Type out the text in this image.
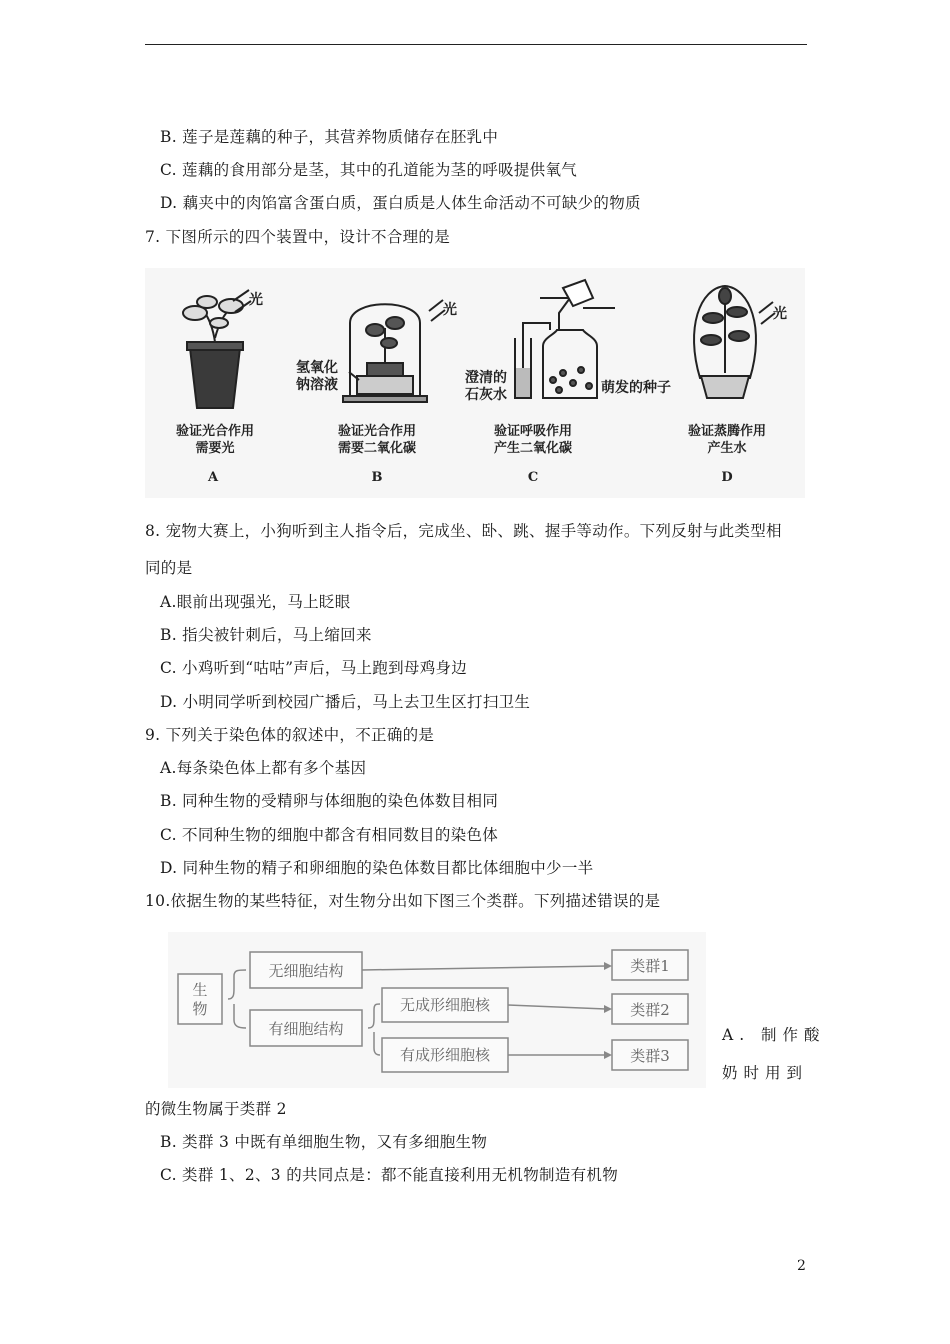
B. 莲子是莲藕的种子，其营养物质储存在胚乳中
C. 莲藕的食用部分是茎，其中的孔道能为茎的呼吸提供氧气
D. 藕夹中的肉馅富含蛋白质，蛋白质是人体生命活动不可缺少的物质
7. 下图所示的四个装置中，设计不合理的是
光
验证光合作用
需要光
A
光
氢氧化
钠溶液
验证光合作用
需要二氧化碳
B
澄清的
石灰水	萌发的种子
验证呼吸作用
产生二氧化碳
C
光
验证蒸腾作用
产生水
D
8. 宠物大赛上，小狗听到主人指令后，完成坐、卧、跳、握手等动作。下列反射与此类型相
同的是
A.眼前出现强光，马上眨眼
B. 指尖被针刺后，马上缩回来
C. 小鸡听到“咕咕”声后，马上跑到母鸡身边
D. 小明同学听到校园广播后，马上去卫生区打扫卫生
9. 下列关于染色体的叙述中，不正确的是
A.每条染色体上都有多个基因
B. 同种生物的受精卵与体细胞的染色体数目相同
C. 不同种生物的细胞中都含有相同数目的染色体
D. 同种生物的精子和卵细胞的染色体数目都比体细胞中少一半
10.依据生物的某些特征，对生物分出如下图三个类群。下列描述错误的是
生
物
无细胞结构
有细胞结构
无成形细胞核
有成形细胞核
类群1
类群2
类群3
A. 制作酸
奶时用到
的微生物属于类群 2
B. 类群 3 中既有单细胞生物，又有多细胞生物
C. 类群 1、2、3 的共同点是：都不能直接利用无机物制造有机物
2
